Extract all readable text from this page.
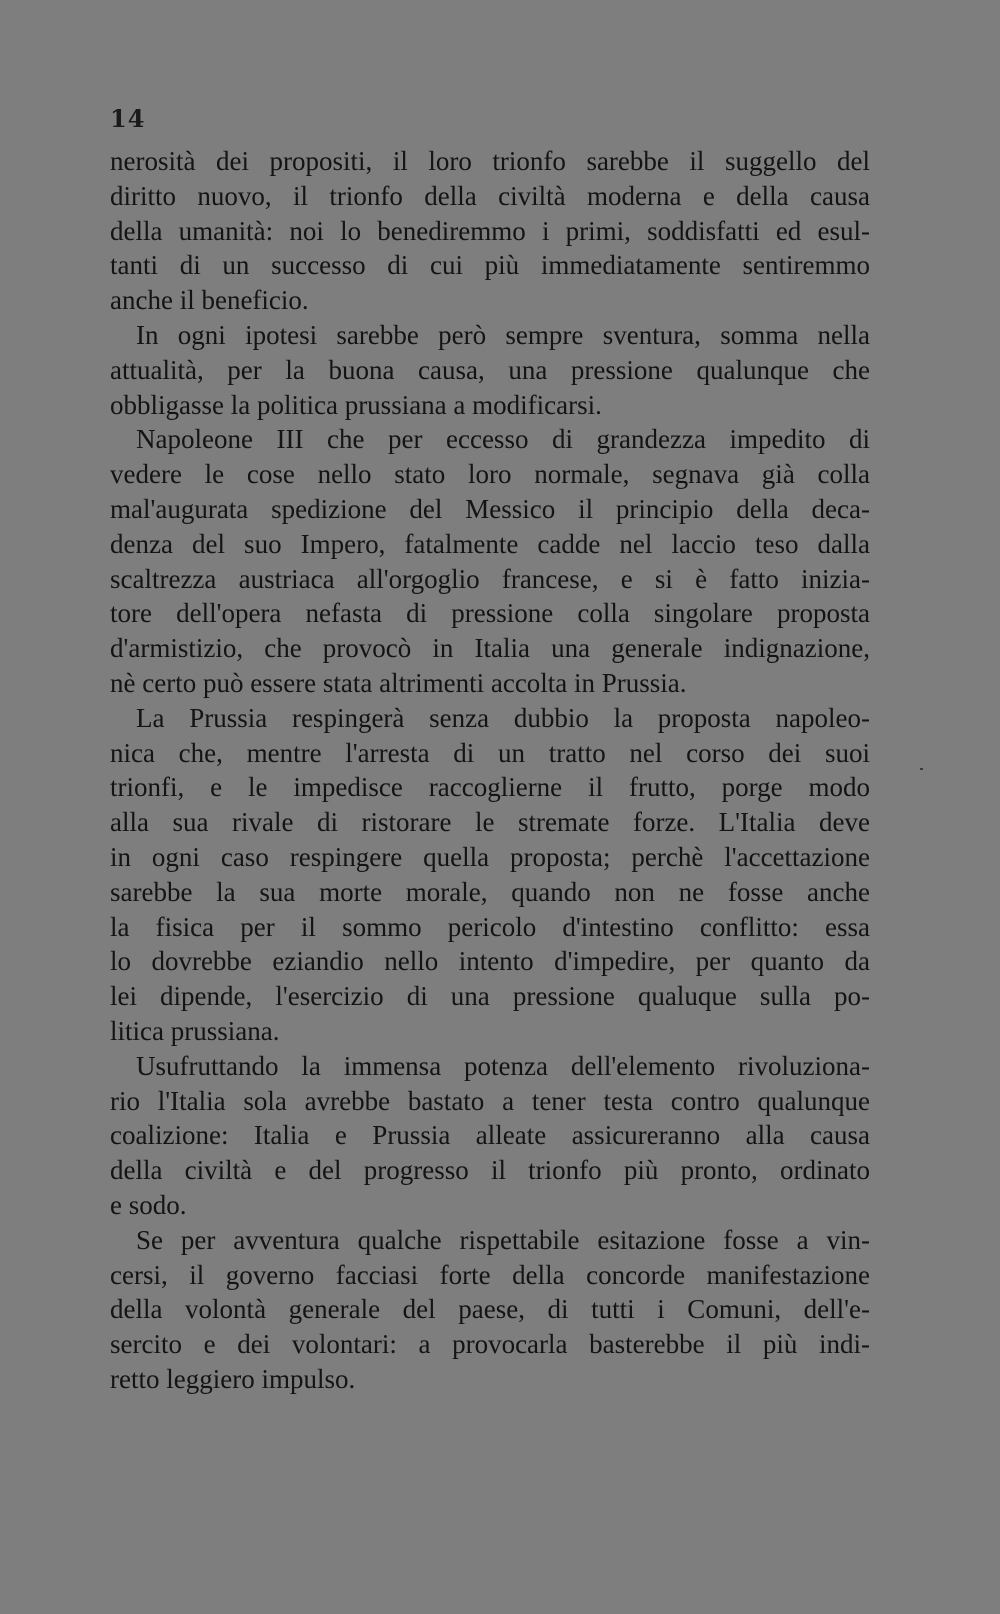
14
nerosità dei propositi, il loro trionfo sarebbe il suggello del
diritto nuovo, il trionfo della civiltà moderna e della causa
della umanità: noi lo benediremmo i primi, soddisfatti ed esul-
tanti di un successo di cui più immediatamente sentiremmo
anche il beneficio.
In ogni ipotesi sarebbe però sempre sventura, somma nella
attualità, per la buona causa, una pressione qualunque che
obbligasse la politica prussiana a modificarsi.
Napoleone III che per eccesso di grandezza impedito di
vedere le cose nello stato loro normale, segnava già colla
mal'augurata spedizione del Messico il principio della deca-
denza del suo Impero, fatalmente cadde nel laccio teso dalla
scaltrezza austriaca all'orgoglio francese, e si è fatto inizia-
tore dell'opera nefasta di pressione colla singolare proposta
d'armistizio, che provocò in Italia una generale indignazione,
nè certo può essere stata altrimenti accolta in Prussia.
La Prussia respingerà senza dubbio la proposta napoleo-
nica che, mentre l'arresta di un tratto nel corso dei suoi
trionfi, e le impedisce raccoglierne il frutto, porge modo
alla sua rivale di ristorare le stremate forze. L'Italia deve
in ogni caso respingere quella proposta; perchè l'accettazione
sarebbe la sua morte morale, quando non ne fosse anche
la fisica per il sommo pericolo d'intestino conflitto: essa
lo dovrebbe eziandio nello intento d'impedire, per quanto da
lei dipende, l'esercizio di una pressione qualuque sulla po-
litica prussiana.
Usufruttando la immensa potenza dell'elemento rivoluziona-
rio l'Italia sola avrebbe bastato a tener testa contro qualunque
coalizione: Italia e Prussia alleate assicureranno alla causa
della civiltà e del progresso il trionfo più pronto, ordinato
e sodo.
Se per avventura qualche rispettabile esitazione fosse a vin-
cersi, il governo facciasi forte della concorde manifestazione
della volontà generale del paese, di tutti i Comuni, dell'e-
sercito e dei volontari: a provocarla basterebbe il più indi-
retto leggiero impulso.
